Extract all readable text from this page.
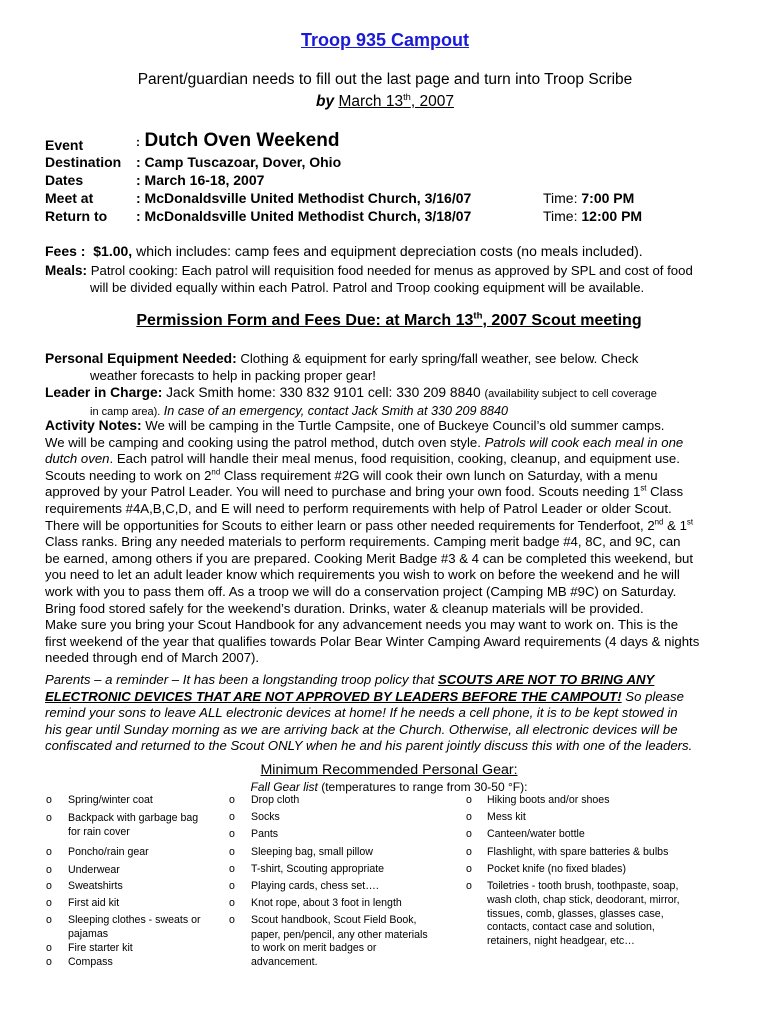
Troop 935 Campout
Parent/guardian needs to fill out the last page and turn into Troop Scribe
by March 13th, 2007
Event	: Dutch Oven Weekend
Destination : Camp Tuscazoar, Dover, Ohio
Dates	: March 16-18, 2007
Meet at	: McDonaldsville United Methodist Church, 3/16/07	Time: 7:00 PM
Return to : McDonaldsville United Methodist Church, 3/18/07	Time: 12:00 PM
Fees : $1.00, which includes: camp fees and equipment depreciation costs (no meals included).
Meals: Patrol cooking: Each patrol will requisition food needed for menus as approved by SPL and cost of food
will be divided equally within each Patrol. Patrol and Troop cooking equipment will be available.
Permission Form and Fees Due: at March 13th, 2007 Scout meeting
Personal Equipment Needed: Clothing & equipment for early spring/fall weather, see below. Check
weather forecasts to help in packing proper gear!
Leader in Charge: Jack Smith home: 330 832 9101 cell: 330 209 8840 (availability subject to cell coverage
in camp area). In case of an emergency, contact Jack Smith at 330 209 8840
Activity Notes: We will be camping in the Turtle Campsite, one of Buckeye Council’s old summer camps.
We will be camping and cooking using the patrol method, dutch oven style. Patrols will cook each meal in one
dutch oven. Each patrol will handle their meal menus, food requisition, cooking, cleanup, and equipment use.
Scouts needing to work on 2nd Class requirement #2G will cook their own lunch on Saturday, with a menu
approved by your Patrol Leader. You will need to purchase and bring your own food. Scouts needing 1st Class
requirements #4A,B,C,D, and E will need to perform requirements with help of Patrol Leader or older Scout.
There will be opportunities for Scouts to either learn or pass other needed requirements for Tenderfoot, 2nd & 1st
Class ranks. Bring any needed materials to perform requirements. Camping merit badge #4, 8C, and 9C, can
be earned, among others if you are prepared. Cooking Merit Badge #3 & 4 can be completed this weekend, but
you need to let an adult leader know which requirements you wish to work on before the weekend and he will
work with you to pass them off. As a troop we will do a conservation project (Camping MB #9C) on Saturday.
Bring food stored safely for the weekend’s duration. Drinks, water & cleanup materials will be provided.
Make sure you bring your Scout Handbook for any advancement needs you may want to work on. This is the
first weekend of the year that qualifies towards Polar Bear Winter Camping Award requirements (4 days & nights
needed through end of March 2007).
Parents – a reminder – It has been a longstanding troop policy that SCOUTS ARE NOT TO BRING ANY
ELECTRONIC DEVICES THAT ARE NOT APPROVED BY LEADERS BEFORE THE CAMPOUT! So please
remind your sons to leave ALL electronic devices at home! If he needs a cell phone, it is to be kept stowed in
his gear until Sunday morning as we are arriving back at the Church. Otherwise, all electronic devices will be
confiscated and returned to the Scout ONLY when he and his parent jointly discuss this with one of the leaders.
Minimum Recommended Personal Gear:
Fall Gear list (temperatures to range from 30-50 °F):
Spring/winter coat
o
Backpack with garbage bag
o
for rain cover
Poncho/rain gear
o
Underwear
o
Sweatshirts
o
First aid kit
o
Sleeping clothes - sweats or
o
pajamas
Fire starter kit
o
Compass
o
Drop cloth
o
Socks
o
Pants
o
Sleeping bag, small pillow
o
T-shirt, Scouting appropriate
o
Playing cards, chess set….
o
Knot rope, about 3 foot in length
o
Scout handbook, Scout Field Book,
o
paper, pen/pencil, any other materials
to work on merit badges or
advancement.
Hiking boots and/or shoes
o
Mess kit
o
Canteen/water bottle
o
Flashlight, with spare batteries & bulbs
o
Pocket knife (no fixed blades)
o
Toiletries - tooth brush, toothpaste, soap,
o
wash cloth, chap stick, deodorant, mirror,
tissues, comb, glasses, glasses case,
contacts, contact case and solution,
retainers, night headgear, etc…
